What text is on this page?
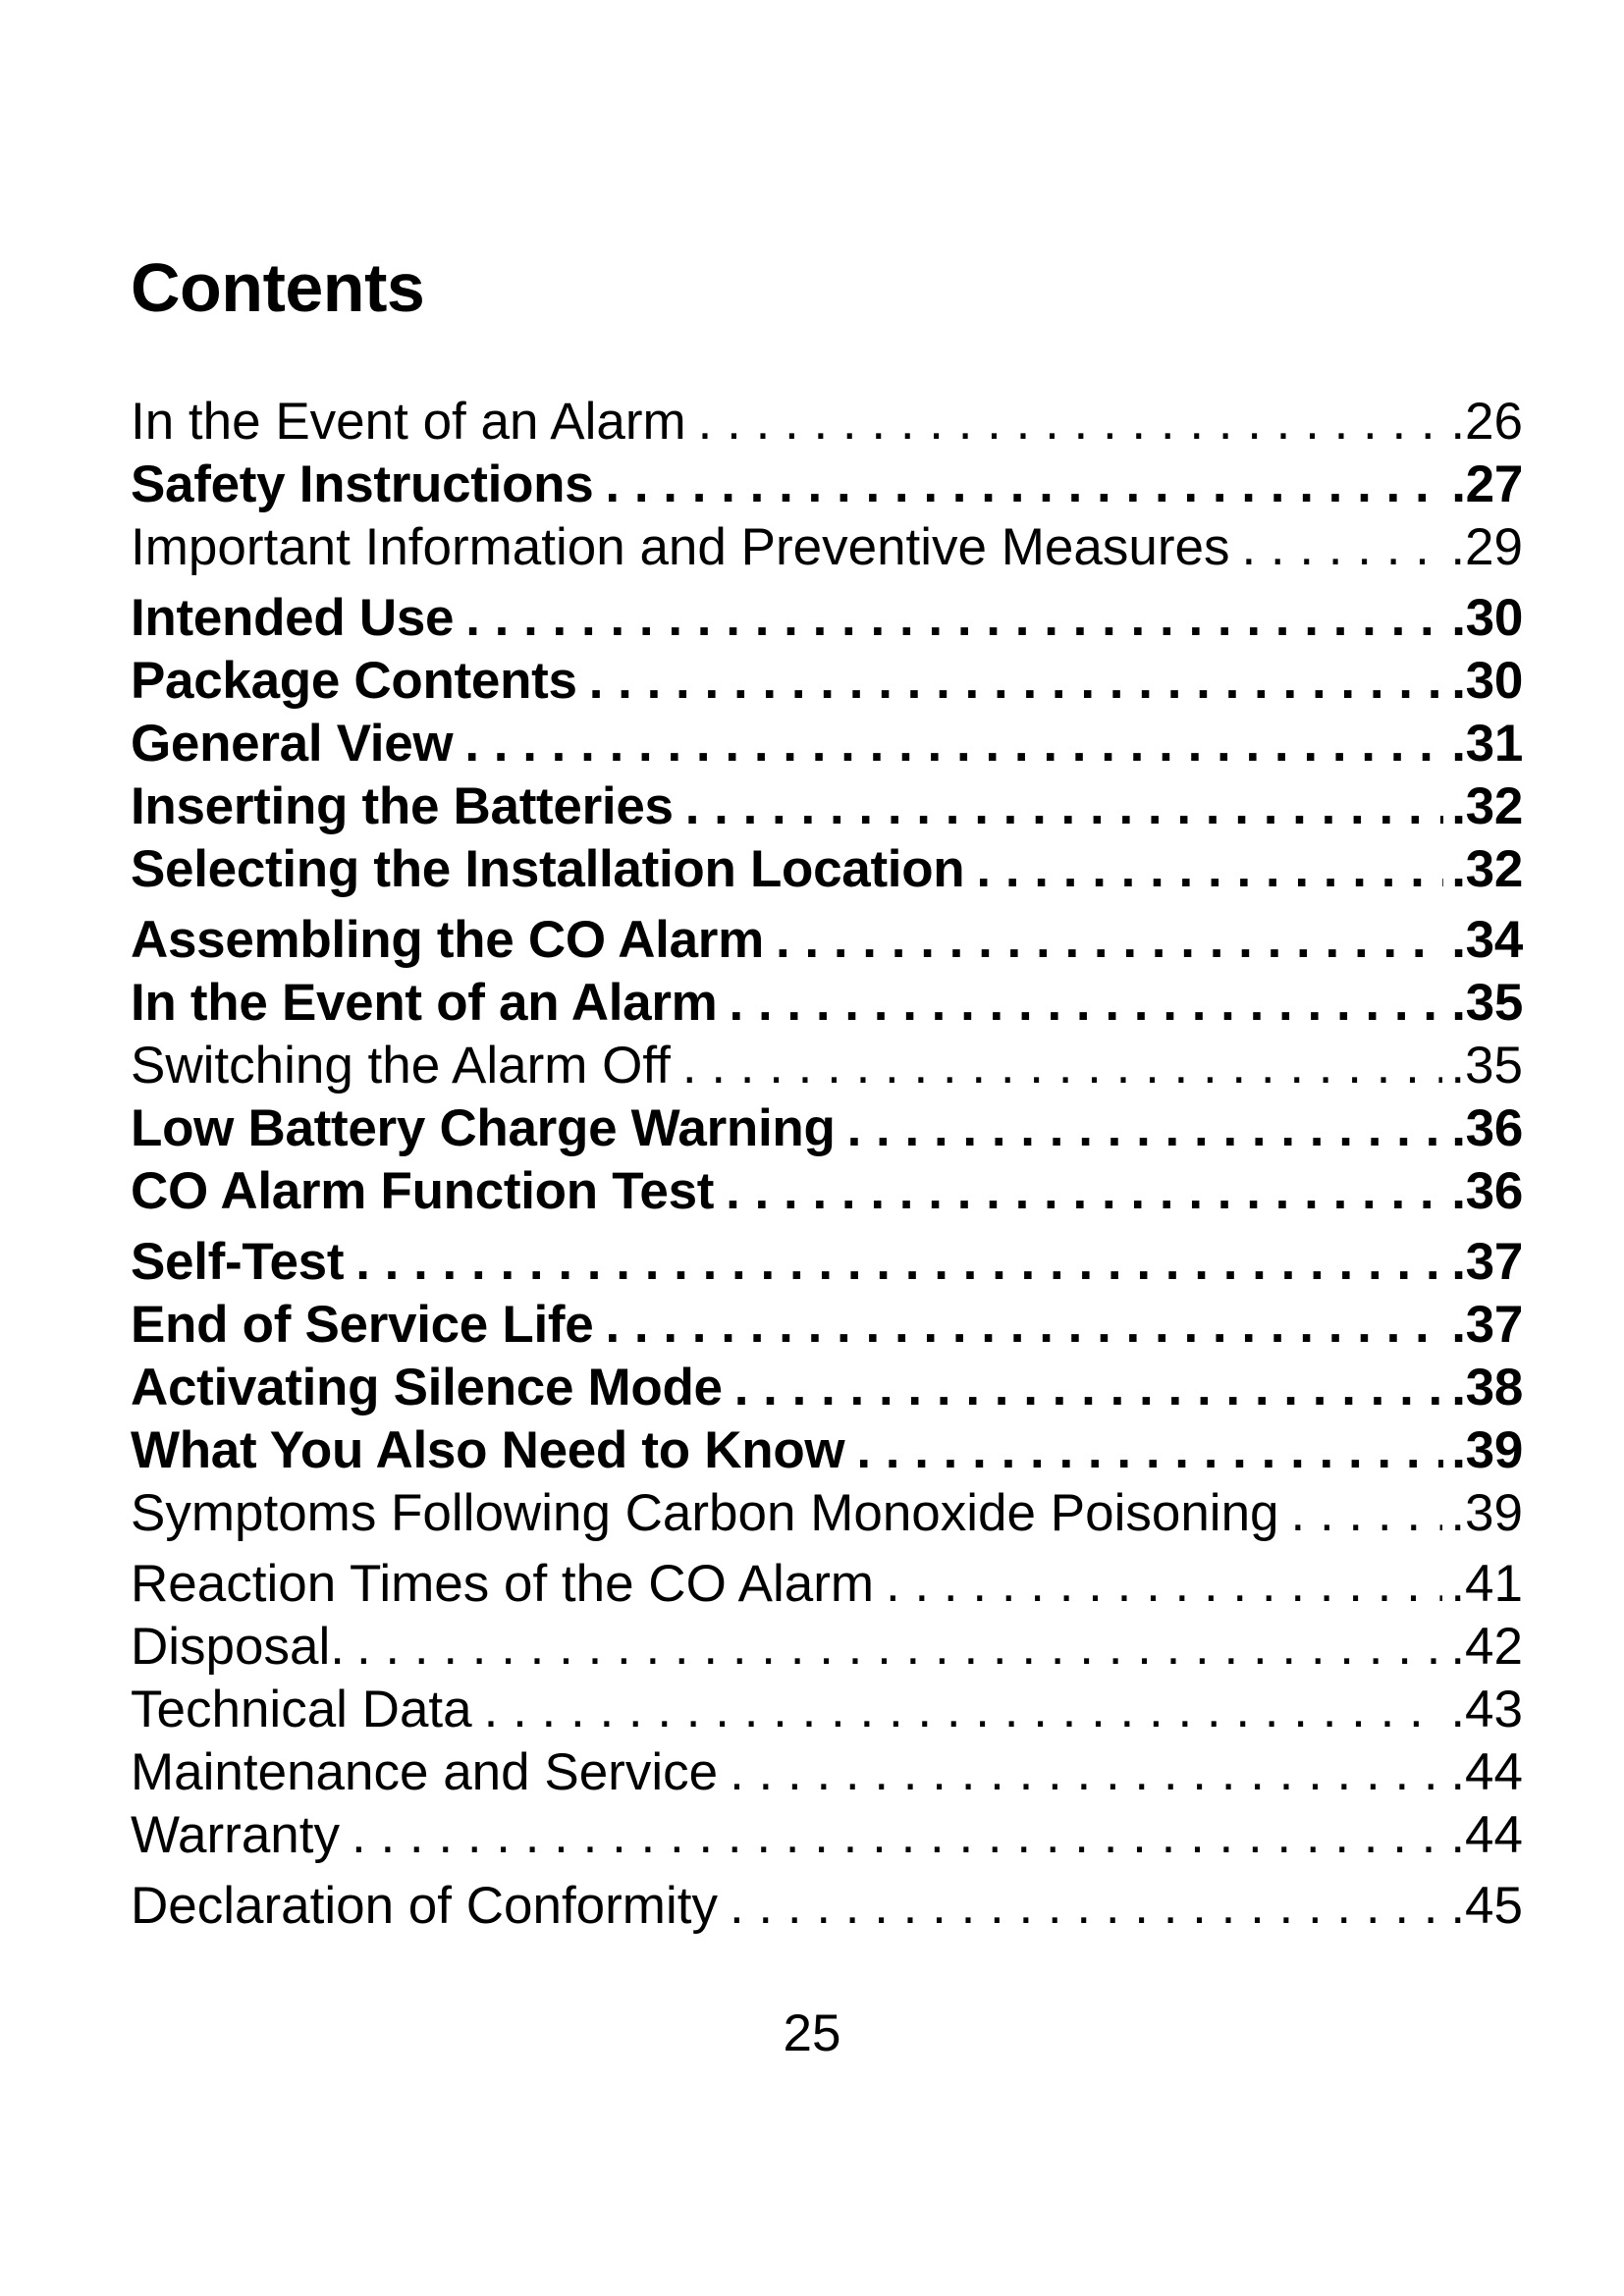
Contents
In the Event of an Alarm . . .	.26
Safety Instructions . . .	.27
Important Information and Preventive Measures . . .	.29
Intended Use . . .	.30
Package Contents . . .	.30
General View . . .	.31
Inserting the Batteries . . .	.32
Selecting the Installation Location . . .	.32
Assembling the CO Alarm . . .	.34
In the Event of an Alarm . . .	.35
Switching the Alarm Off . . .	.35
Low Battery Charge Warning . . .	.36
CO Alarm Function Test . . .	.36
Self-Test . . .	.37
End of Service Life . . .	.37
Activating Silence Mode . . .	.38
What You Also Need to Know . . .	.39
Symptoms Following Carbon Monoxide Poisoning . . .	.39
Reaction Times of the CO Alarm . . .	.41
Disposal. . . .	.42
Technical Data . . .	.43
Maintenance and Service . . .	.44
Warranty . . .	.44
Declaration of Conformity . . .	.45
25
